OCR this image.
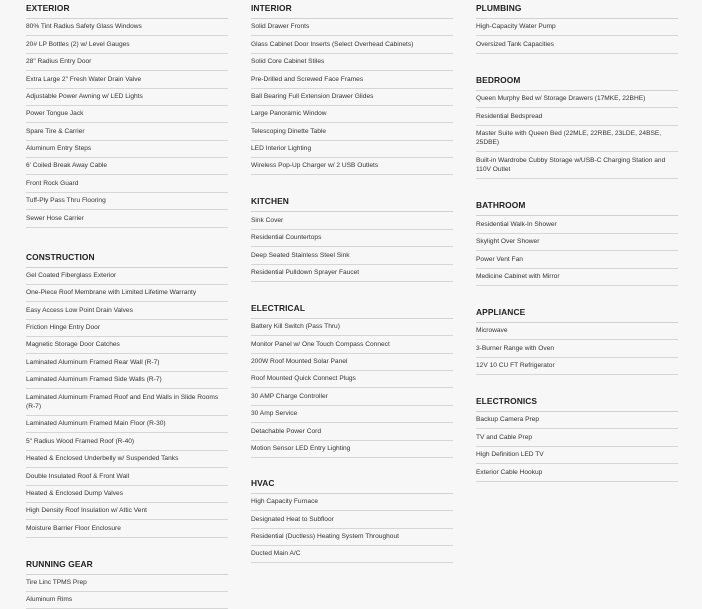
EXTERIOR
80% Tint Radius Safety Glass Windows
20# LP Bottles (2) w/ Level Gauges
28" Radius Entry Door
Extra Large 2" Fresh Water Drain Valve
Adjustable Power Awning w/ LED Lights
Power Tongue Jack
Spare Tire & Carrier
Aluminum Entry Steps
6' Coiled Break Away Cable
Front Rock Guard
Tuff-Ply Pass Thru Flooring
Sewer Hose Carrier
CONSTRUCTION
Gel Coated Fiberglass Exterior
One-Piece Roof Membrane with Limited Lifetime Warranty
Easy Access Low Point Drain Valves
Friction Hinge Entry Door
Magnetic Storage Door Catches
Laminated Aluminum Framed Rear Wall (R-7)
Laminated Aluminum Framed Side Walls (R-7)
Laminated Aluminum Framed Roof and End Walls in Slide Rooms (R-7)
Laminated Aluminum Framed Main Floor (R-30)
5" Radius Wood Framed Roof (R-40)
Heated & Enclosed Underbelly w/ Suspended Tanks
Double Insulated Roof & Front Wall
Heated & Enclosed Dump Valves
High Density Roof Insulation w/ Attic Vent
Moisture Barrier Floor Enclosure
RUNNING GEAR
Tire Linc TPMS Prep
Aluminum Rims
INTERIOR
Solid Drawer Fronts
Glass Cabinet Door Inserts (Select Overhead Cabinets)
Solid Core Cabinet Stiles
Pre-Drilled and Screwed Face Frames
Ball Bearing Full Extension Drawer Glides
Large Panoramic Window
Telescoping Dinette Table
LED Interior Lighting
Wireless Pop-Up Charger w/ 2 USB Outlets
KITCHEN
Sink Cover
Residential Countertops
Deep Seated Stainless Steel Sink
Residential Pulldown Sprayer Faucet
ELECTRICAL
Battery Kill Switch (Pass Thru)
Monitor Panel w/ One Touch Compass Connect
200W Roof Mounted Solar Panel
Roof Mounted Quick Connect Plugs
30 AMP Charge Controller
30 Amp Service
Detachable Power Cord
Motion Sensor LED Entry Lighting
HVAC
High Capacity Furnace
Designated Heat to Subfloor
Residential (Ductless) Heating System Throughout
Ducted Main A/C
PLUMBING
High-Capacity Water Pump
Oversized Tank Capacities
BEDROOM
Queen Murphy Bed w/ Storage Drawers (17MKE, 22BHE)
Residential Bedspread
Master Suite with Queen Bed (22MLE, 22RBE, 23LDE, 24BSE, 25DBE)
Built-in Wardrobe Cubby Storage w/USB-C Charging Station and 110V Outlet
BATHROOM
Residential Walk-In Shower
Skylight Over Shower
Power Vent Fan
Medicine Cabinet with Mirror
APPLIANCE
Microwave
3-Burner Range with Oven
12V 10 CU FT Refrigerator
ELECTRONICS
Backup Camera Prep
TV and Cable Prep
High Definition LED TV
Exterior Cable Hookup
